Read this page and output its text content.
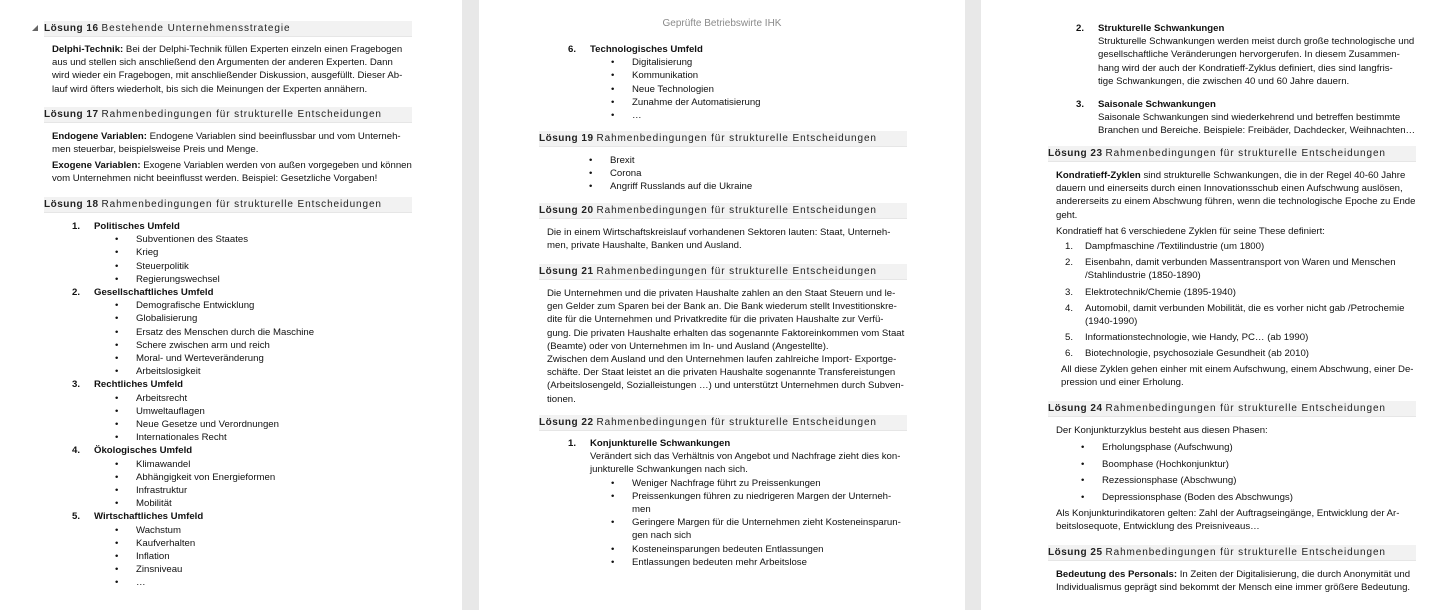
Lösung 16 Bestehende Unternehmensstrategie

Delphi-Technik: Bei der Delphi-Technik füllen Experten einzeln einen Fragebogen

aus und stellen sich anschließend den Argumenten der anderen Experten. Dann

wird wieder ein Fragebogen, mit anschließender Diskussion, ausgefüllt. Dieser Ab-

lauf wird öfters wiederholt, bis sich die Meinungen der Experten annähern.

Lösung 17 Rahmenbedingungen für strukturelle Entscheidungen

Endogene Variablen: Endogene Variablen sind beeinflussbar und vom Unterneh-

men steuerbar, beispielsweise Preis und Menge.

Exogene Variablen: Exogene Variablen werden von außen vorgegeben und können

vom Unternehmen nicht beeinflusst werden. Beispiel: Gesetzliche Vorgaben!

Lösung 18 Rahmenbedingungen für strukturelle Entscheidungen
1. Politisches Umfeld
• Subventionen des Staates
• Krieg
• Steuerpolitik
• Regierungswechsel
2. Gesellschaftliches Umfeld
• Demografische Entwicklung
• Globalisierung
• Ersatz des Menschen durch die Maschine
• Schere zwischen arm und reich
• Moral- und Werteveränderung
• Arbeitslosigkeit
3. Rechtliches Umfeld
• Arbeitsrecht
• Umweltauflagen
• Neue Gesetze und Verordnungen
• Internationales Recht
4. Ökologisches Umfeld
• Klimawandel
• Abhängigkeit von Energieformen
• Infrastruktur
• Mobilität
5. Wirtschaftliches Umfeld
• Wachstum
• Kaufverhalten
• Inflation
• Zinsniveau
• …
Geprüfte Betriebswirte IHK
6. Technologisches Umfeld
• Digitalisierung
• Kommunikation
• Neue Technologien
• Zunahme der Automatisierung
• …
Lösung 19 Rahmenbedingungen für strukturelle Entscheidungen
• Brexit
• Corona
• Angriff Russlands auf die Ukraine
Lösung 20 Rahmenbedingungen für strukturelle Entscheidungen

Die in einem Wirtschaftskreislauf vorhandenen Sektoren lauten: Staat, Unterneh-

men, private Haushalte, Banken und Ausland.

Lösung 21 Rahmenbedingungen für strukturelle Entscheidungen

Die Unternehmen und die privaten Haushalte zahlen an den Staat Steuern und le-

gen Gelder zum Sparen bei der Bank an. Die Bank wiederum stellt Investitionskre-

dite für die Unternehmen und Privatkredite für die privaten Haushalte zur Verfü-

gung. Die privaten Haushalte erhalten das sogenannte Faktoreinkommen vom Staat

(Beamte) oder von Unternehmen im In- und Ausland (Angestellte).

Zwischen dem Ausland und den Unternehmen laufen zahlreiche Import- Exportge-

schäfte. Der Staat leistet an die privaten Haushalte sogenannte Transfereistungen

(Arbeitslosengeld, Sozialleistungen …) und unterstützt Unternehmen durch Subven-

tionen.

Lösung 22 Rahmenbedingungen für strukturelle Entscheidungen
1. Konjunkturelle Schwankungen

Verändert sich das Verhältnis von Angebot und Nachfrage zieht dies kon-

junkturelle Schwankungen nach sich.

• Weniger Nachfrage führt zu Preissenkungen
• Preissenkungen führen zu niedrigeren Margen der Unterneh-
men
• Geringere Margen für die Unternehmen zieht Kosteneinsparun-
gen nach sich
• Kosteneinsparungen bedeuten Entlassungen
• Entlassungen bedeuten mehr Arbeitslose
2. Strukturelle Schwankungen

Strukturelle Schwankungen werden meist durch große technologische und

gesellschaftliche Veränderungen hervorgerufen. In diesem Zusammen-

hang wird der auch der Kondratieff-Zyklus definiert, dies sind langfris-

tige Schwankungen, die zwischen 40 und 60 Jahre dauern.

3. Saisonale Schwankungen

Saisonale Schwankungen sind wiederkehrend und betreffen bestimmte

Branchen und Bereiche. Beispiele: Freibäder, Dachdecker, Weihnachten…

Lösung 23 Rahmenbedingungen für strukturelle Entscheidungen

Kondratieff-Zyklen sind strukturelle Schwankungen, die in der Regel 40-60 Jahre

dauern und einerseits durch einen Innovationsschub einen Aufschwung auslösen,

andererseits zu einem Abschwung führen, wenn die technologische Epoche zu Ende

geht.

Kondratieff hat 6 verschiedene Zyklen für seine These definiert:

1. Dampfmaschine /Textilindustrie (um 1800)
2. Eisenbahn, damit verbunden Massentransport von Waren und Menschen
/Stahlindustrie (1850-1890)
3. Elektrotechnik/Chemie (1895-1940)
4. Automobil, damit verbunden Mobilität, die es vorher nicht gab /Petrochemie
(1940-1990)
5. Informationstechnologie, wie Handy, PC… (ab 1990)
6. Biotechnologie, psychosoziale Gesundheit (ab 2010)

All diese Zyklen gehen einher mit einem Aufschwung, einem Abschwung, einer De-

pression und einer Erholung.

Lösung 24 Rahmenbedingungen für strukturelle Entscheidungen

Der Konjunkturzyklus besteht aus diesen Phasen:

• Erholungsphase (Aufschwung)
• Boomphase (Hochkonjunktur)
• Rezessionsphase (Abschwung)
• Depressionsphase (Boden des Abschwungs)

Als Konjunkturindikatoren gelten: Zahl der Auftragseingänge, Entwicklung der Ar-

beitslosequote, Entwicklung des Preisniveaus…

Lösung 25 Rahmenbedingungen für strukturelle Entscheidungen

Bedeutung des Personals: In Zeiten der Digitalisierung, die durch Anonymität und

Individualismus geprägt sind bekommt der Mensch eine immer größere Bedeutung.
